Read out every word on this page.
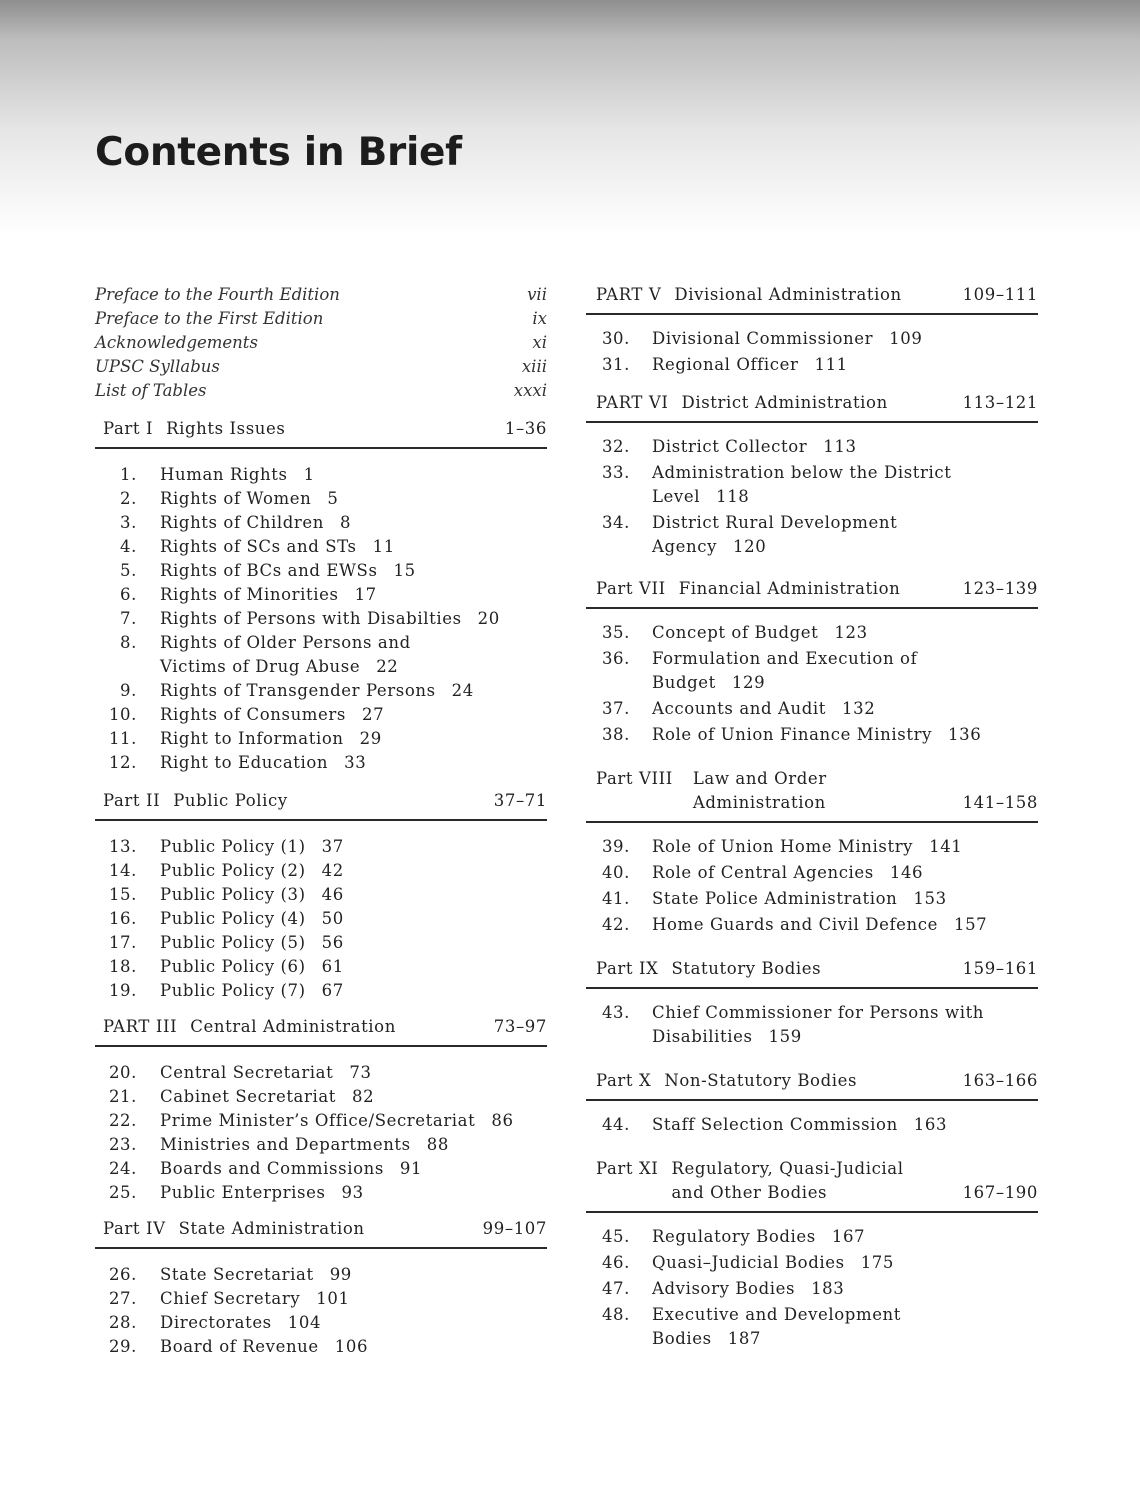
Contents in Brief
Preface to the Fourth Edition	vii
Preface to the First Edition	ix
Acknowledgements	xi
UPSC Syllabus	xiii
List of Tables	xxxi
Part I Rights Issues	1–36
1. Human Rights 1
2. Rights of Women 5
3. Rights of Children 8
4. Rights of SCs and STs 11
5. Rights of BCs and EWSs 15
6. Rights of Minorities 17
7. Rights of Persons with Disabilties 20
8. Rights of Older Persons and Victims of Drug Abuse 22
9. Rights of Transgender Persons 24
10. Rights of Consumers 27
11. Right to Information 29
12. Right to Education 33
Part II Public Policy	37–71
13. Public Policy (1) 37
14. Public Policy (2) 42
15. Public Policy (3) 46
16. Public Policy (4) 50
17. Public Policy (5) 56
18. Public Policy (6) 61
19. Public Policy (7) 67
PART III Central Administration	73–97
20. Central Secretariat 73
21. Cabinet Secretariat 82
22. Prime Minister’s Office/Secretariat 86
23. Ministries and Departments 88
24. Boards and Commissions 91
25. Public Enterprises 93
Part IV State Administration	99–107
26. State Secretariat 99
27. Chief Secretary 101
28. Directorates 104
29. Board of Revenue 106
PART V Divisional Administration	109–111
30. Divisional Commissioner 109
31. Regional Officer 111
PART VI District Administration	113–121
32. District Collector 113
33. Administration below the District Level 118
34. District Rural Development Agency 120
Part VII Financial Administration	123–139
35. Concept of Budget 123
36. Formulation and Execution of Budget 129
37. Accounts and Audit 132
38. Role of Union Finance Ministry 136
Part VIII Law and Order Administration	141–158
39. Role of Union Home Ministry 141
40. Role of Central Agencies 146
41. State Police Administration 153
42. Home Guards and Civil Defence 157
Part IX Statutory Bodies	159–161
43. Chief Commissioner for Persons with Disabilities 159
Part X Non-Statutory Bodies	163–166
44. Staff Selection Commission 163
Part XI Regulatory, Quasi-Judicial and Other Bodies	167–190
45. Regulatory Bodies 167
46. Quasi–Judicial Bodies 175
47. Advisory Bodies 183
48. Executive and Development Bodies 187
